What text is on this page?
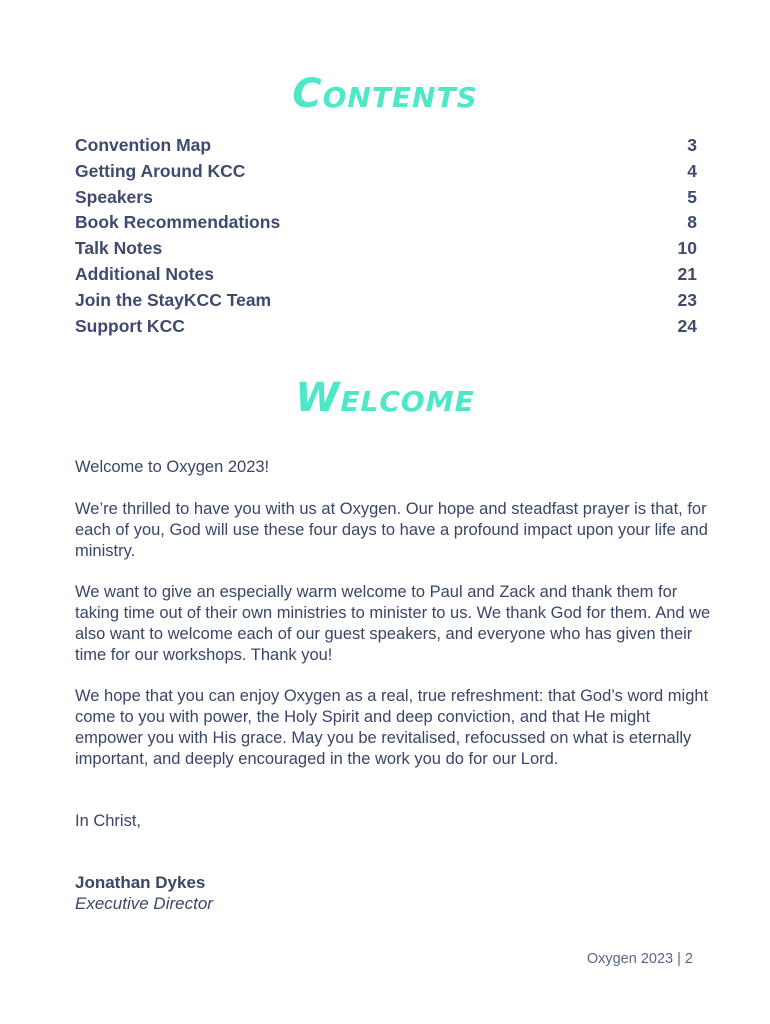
Contents
Convention Map	3
Getting Around KCC	4
Speakers	5
Book Recommendations	8
Talk Notes	10
Additional Notes	21
Join the StayKCC Team	23
Support KCC	24
Welcome

Welcome to Oxygen 2023!

We’re thrilled to have you with us at Oxygen. Our hope and steadfast prayer is that, for each of you, God will use these four days to have a profound impact upon your life and ministry.

We want to give an especially warm welcome to Paul and Zack and thank them for taking time out of their own ministries to minister to us. We thank God for them. And we also want to welcome each of our guest speakers, and everyone who has given their time for our workshops. Thank you!

We hope that you can enjoy Oxygen as a real, true refreshment: that God’s word might come to you with power, the Holy Spirit and deep conviction, and that He might empower you with His grace. May you be revitalised, refocussed on what is eternally important, and deeply encouraged in the work you do for our Lord.

In Christ,

Jonathan Dykes

Executive Director

Oxygen 2023 | 2
